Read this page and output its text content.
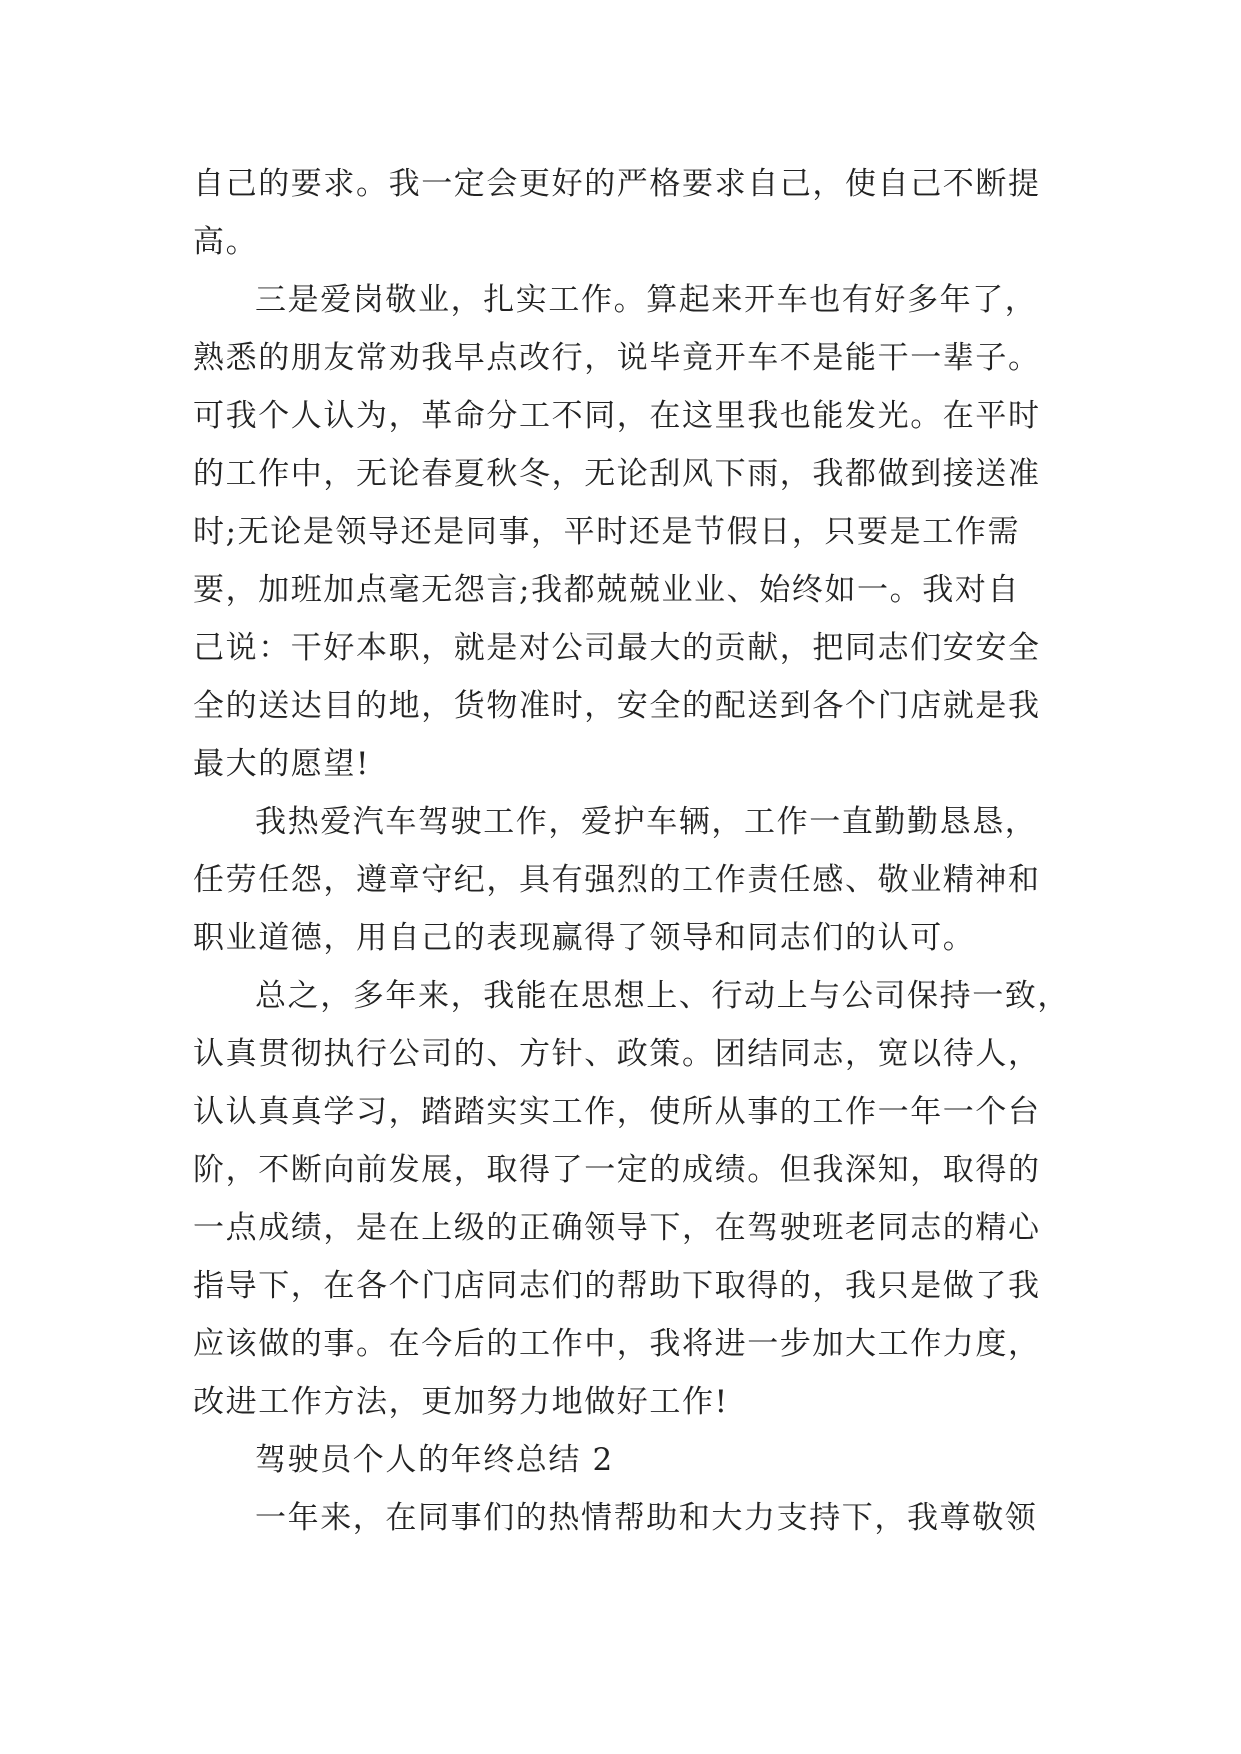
自己的要求。我一定会更好的严格要求自己，使自己不断提
高。
三是爱岗敬业，扎实工作。算起来开车也有好多年了，
熟悉的朋友常劝我早点改行，说毕竟开车不是能干一辈子。
可我个人认为，革命分工不同，在这里我也能发光。在平时
的工作中，无论春夏秋冬，无论刮风下雨，我都做到接送准
时;无论是领导还是同事，平时还是节假日，只要是工作需
要，加班加点毫无怨言;我都兢兢业业、始终如一。我对自
己说：干好本职，就是对公司最大的贡献，把同志们安安全
全的送达目的地，货物准时，安全的配送到各个门店就是我
最大的愿望!
我热爱汽车驾驶工作，爱护车辆，工作一直勤勤恳恳，
任劳任怨，遵章守纪，具有强烈的工作责任感、敬业精神和
职业道德，用自己的表现赢得了领导和同志们的认可。
总之，多年来，我能在思想上、行动上与公司保持一致，
认真贯彻执行公司的、方针、政策。团结同志，宽以待人，
认认真真学习，踏踏实实工作，使所从事的工作一年一个台
阶，不断向前发展，取得了一定的成绩。但我深知，取得的
一点成绩，是在上级的正确领导下，在驾驶班老同志的精心
指导下，在各个门店同志们的帮助下取得的，我只是做了我
应该做的事。在今后的工作中，我将进一步加大工作力度，
改进工作方法，更加努力地做好工作!
驾驶员个人的年终总结 2
一年来，在同事们的热情帮助和大力支持下，我尊敬领
